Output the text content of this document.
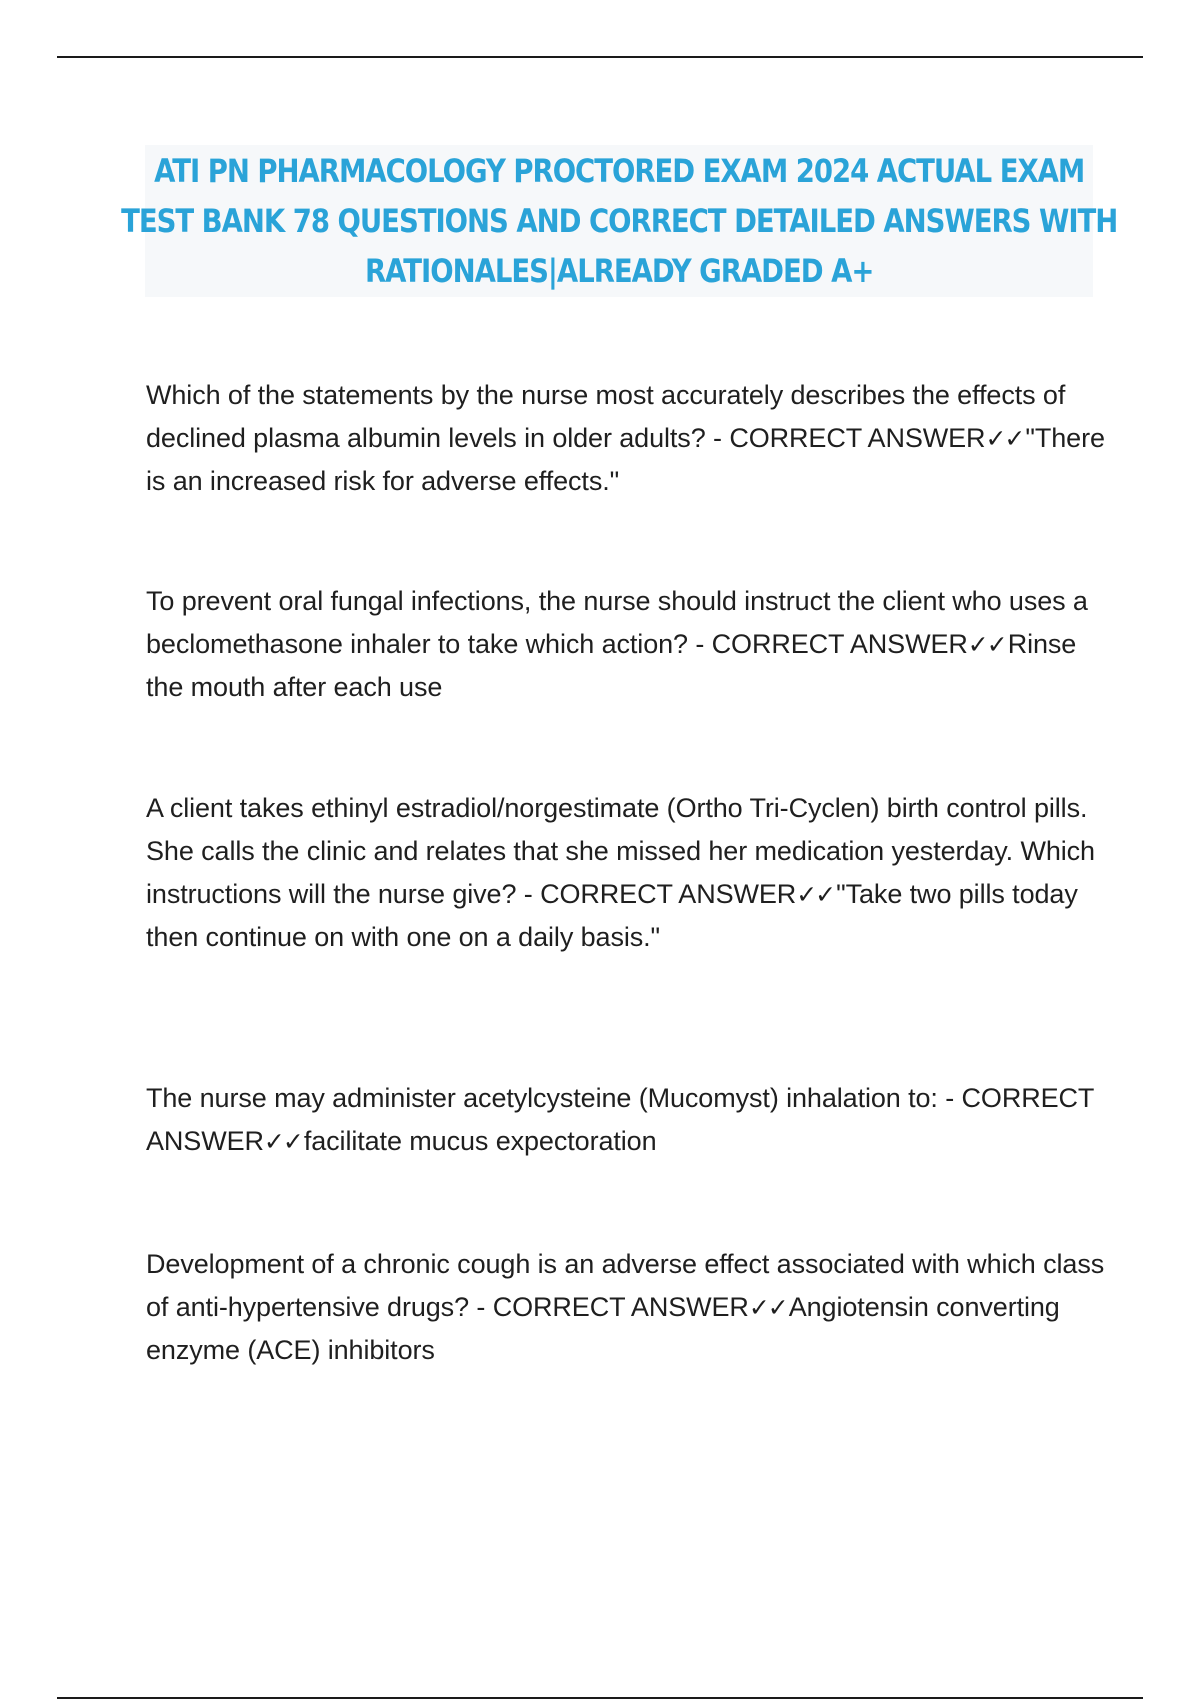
ATI PN PHARMACOLOGY PROCTORED EXAM 2024 ACTUAL EXAM
TEST BANK 78 QUESTIONS AND CORRECT DETAILED ANSWERS WITH
RATIONALES|ALREADY GRADED A+

Which of the statements by the nurse most accurately describes the effects of declined plasma albumin levels in older adults? - CORRECT ANSWER✓✓"There is an increased risk for adverse effects."

To prevent oral fungal infections, the nurse should instruct the client who uses a beclomethasone inhaler to take which action? - CORRECT ANSWER✓✓Rinse the mouth after each use

A client takes ethinyl estradiol/norgestimate (Ortho Tri-Cyclen) birth control pills. She calls the clinic and relates that she missed her medication yesterday. Which instructions will the nurse give? - CORRECT ANSWER✓✓"Take two pills today then continue on with one on a daily basis."

The nurse may administer acetylcysteine (Mucomyst) inhalation to: - CORRECT ANSWER✓✓facilitate mucus expectoration

Development of a chronic cough is an adverse effect associated with which class of anti-hypertensive drugs? - CORRECT ANSWER✓✓Angiotensin converting enzyme (ACE) inhibitors
